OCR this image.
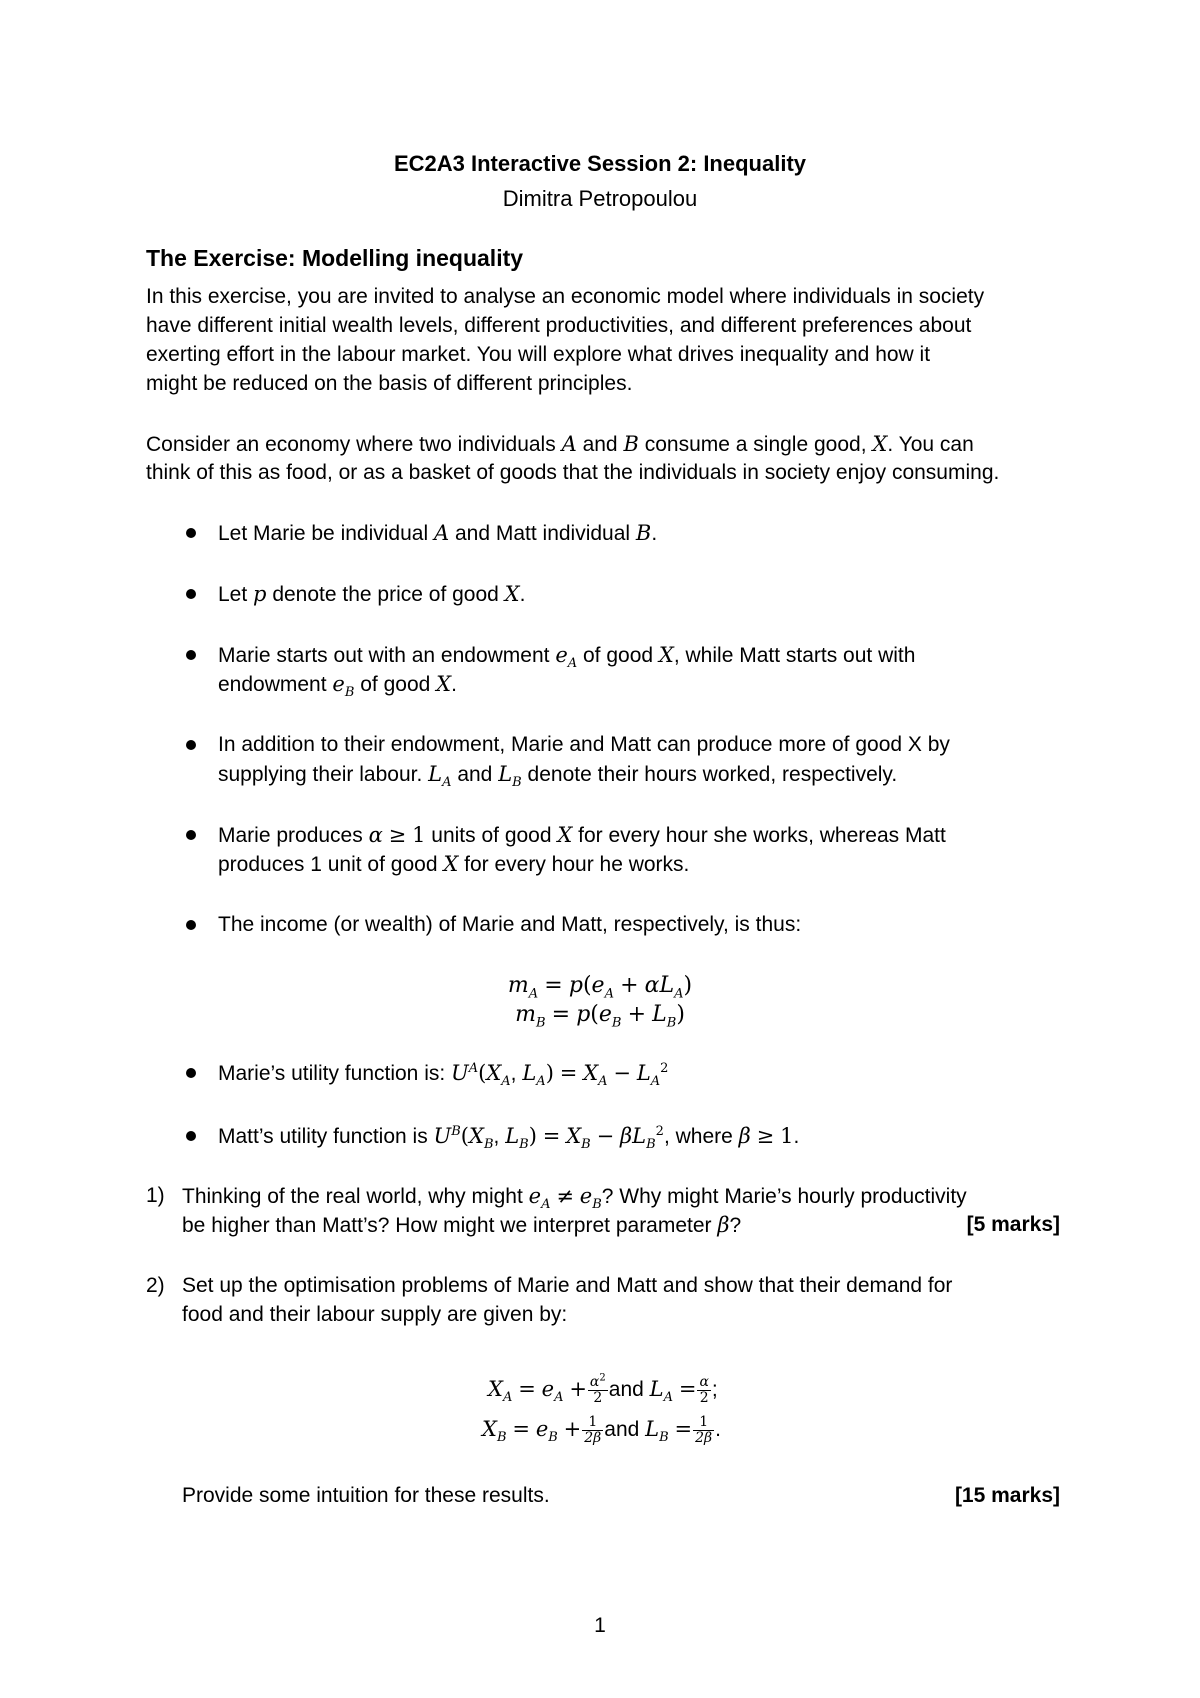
EC2A3 Interactive Session 2: Inequality
Dimitra Petropoulou
The Exercise: Modelling inequality
In this exercise, you are invited to analyse an economic model where individuals in society
have different initial wealth levels, different productivities, and different preferences about
exerting effort in the labour market. You will explore what drives inequality and how it
might be reduced on the basis of different principles.
Consider an economy where two individuals A and B consume a single good, X. You can
think of this as food, or as a basket of goods that the individuals in society enjoy consuming.
Let Marie be individual A and Matt individual B.
Let p denote the price of good X.
Marie starts out with an endowment $e_A$ of good X, while Matt starts out with
endowment $e_B$ of good X.
In addition to their endowment, Marie and Matt can produce more of good X by
supplying their labour. $L_A$ and $L_B$ denote their hours worked, respectively.
Marie produces α ≥ 1 units of good X for every hour she works, whereas Matt
produces 1 unit of good X for every hour he works.
The income (or wealth) of Marie and Matt, respectively, is thus:
$m_A = p(e_A + \alpha L_A)$
$m_B = p(e_B + L_B)$
Marie’s utility function is: $U^A(X_A$, $L_A) = X_A - L_A^2$
Matt’s utility function is $U^B(X_B$, $L_B) = X_B - \beta L_B^2$, where β ≥ 1.
1) Thinking of the real world, why might $e_A \ne e_B$? Why might Marie’s hourly productivity
be higher than Matt’s? How might we interpret parameter β?	[5 marks]
2) Set up the optimisation problems of Marie and Matt and show that their demand for
food and their labour supply are given by:
$X_A = e_A + \frac{\alpha^2}{2}$ and $L_A = \frac{\alpha}{2}$ ;
$X_B = e_B + \frac{1}{2\beta}$ and $L_B = \frac{1}{2\beta}$ .
Provide some intuition for these results.	[15 marks]
1
